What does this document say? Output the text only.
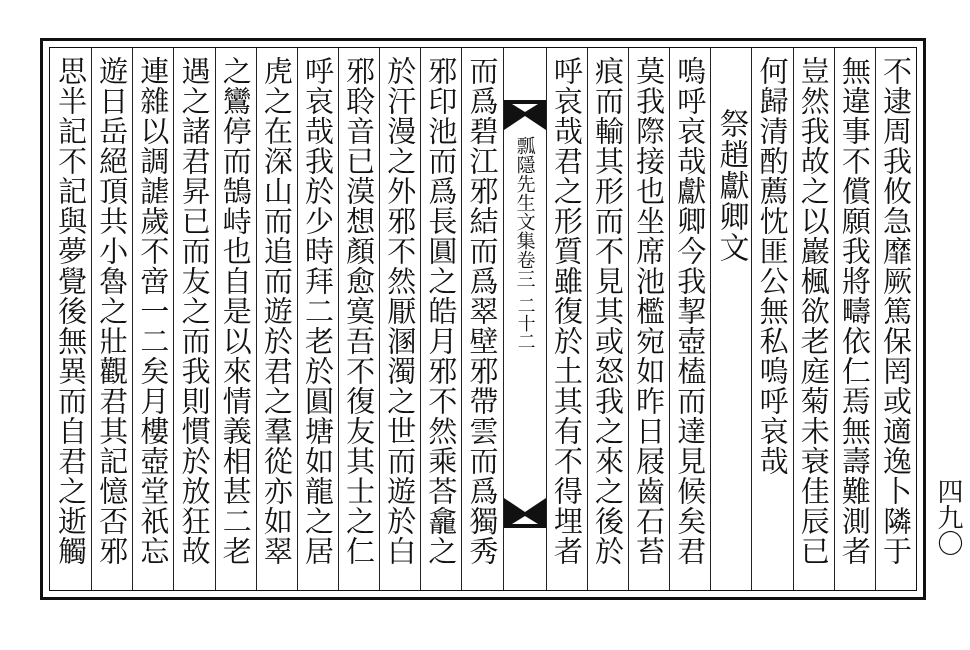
不逮周我攸急靡厥篤保罔或適逸卜隣于
無違事不償願我將疇依仁焉無壽難測者
豈然我故之以巖楓欲老庭菊未衰佳辰已
何歸清酌薦忱匪公無私嗚呼哀哉
祭趙獻卿文
嗚呼哀哉獻卿今我挈壺榼而達見候矣君
莫我際接也坐席池檻宛如昨日屐齒石苔
痕而輸其形而不見其或怒我之來之後於
呼哀哉君之形質雖復於土其有不得埋者
瓢隱先生文集卷三
二十二
而爲碧江邪結而爲翠壁邪帶雲而爲獨秀
邪印池而爲長圓之皓月邪不然乘荅龕之
於汗漫之外邪不然厭溷濁之世而遊於白
邪聆音已漠想顏愈寞吾不復友其士之仁
呼哀哉我於少時拜二老於圓塘如龍之居
虎之在深山而追而遊於君之羣從亦如翠
之鸞停而鵠峙也自是以來情義相甚二老
遇之諸君昇已而友之而我則慣於放狂故
連雜以調謔歲不啻一二矣月樓壺堂祇忘
遊日岳絕頂共小魯之壯觀君其記憶否邪
思半記不記與夢覺後無異而自君之逝觸	四九〇
